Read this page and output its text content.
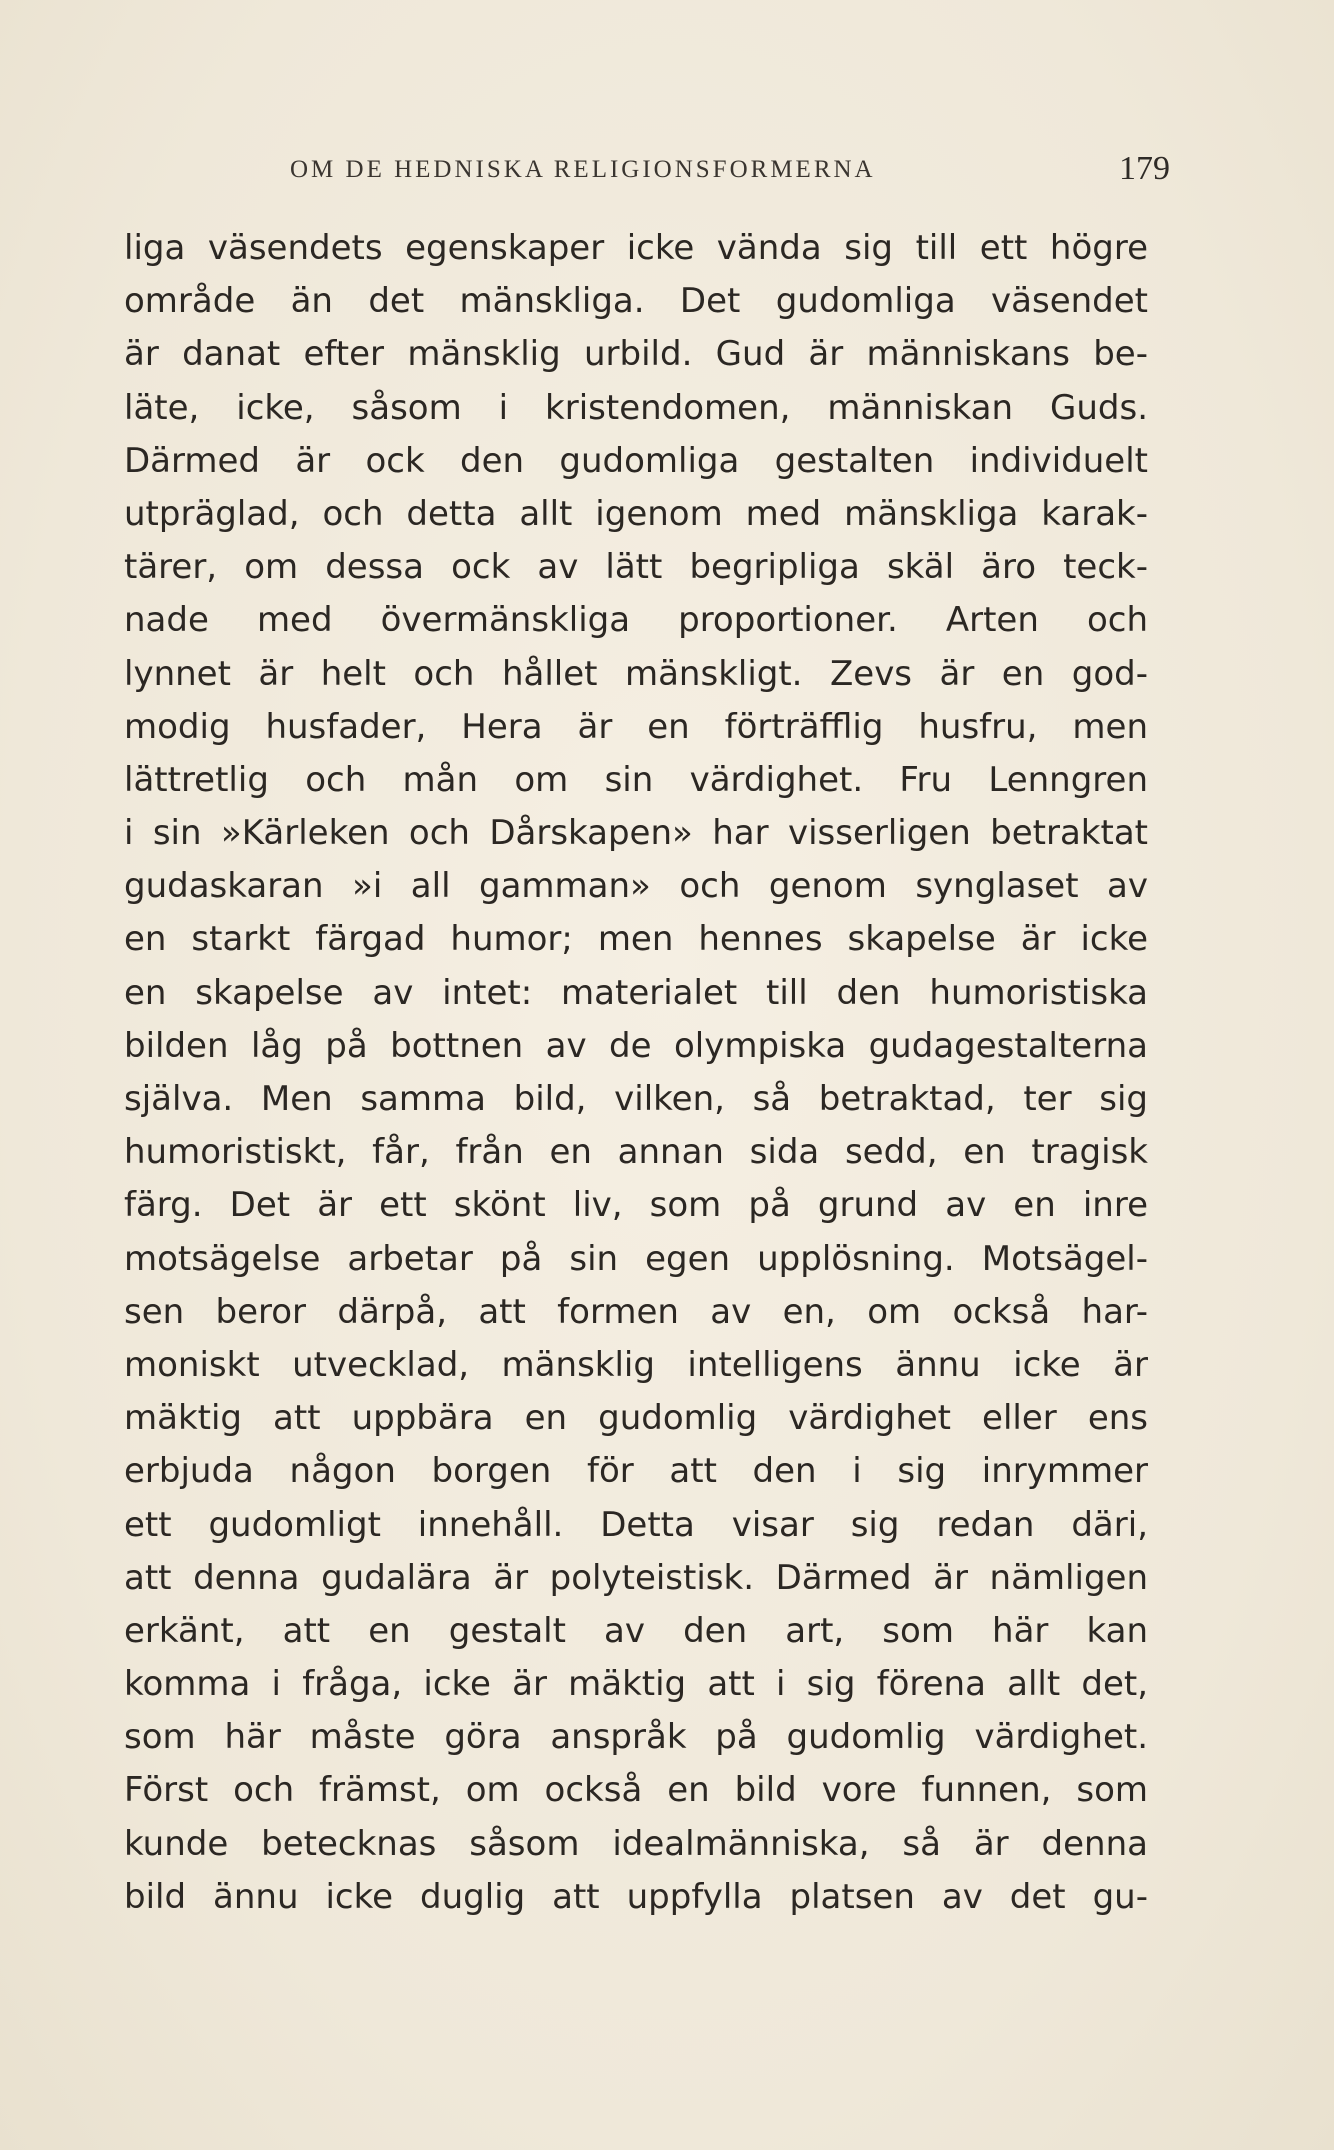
OM DE HEDNISKA RELIGIONSFORMERNA	179
liga väsendets egenskaper icke vända sig till ett högre
område än det mänskliga. Det gudomliga väsendet
är danat efter mänsklig urbild. Gud är människans be-
läte, icke, såsom i kristendomen, människan Guds.
Därmed är ock den gudomliga gestalten individuelt
utpräglad, och detta allt igenom med mänskliga karak-
tärer, om dessa ock av lätt begripliga skäl äro teck-
nade med övermänskliga proportioner. Arten och
lynnet är helt och hållet mänskligt. Zevs är en god-
modig husfader, Hera är en förträfflig husfru, men
lättretlig och mån om sin värdighet. Fru Lenngren
i sin »Kärleken och Dårskapen» har visserligen betraktat
gudaskaran »i all gamman» och genom synglaset av
en starkt färgad humor; men hennes skapelse är icke
en skapelse av intet: materialet till den humoristiska
bilden låg på bottnen av de olympiska gudagestalterna
själva. Men samma bild, vilken, så betraktad, ter sig
humoristiskt, får, från en annan sida sedd, en tragisk
färg. Det är ett skönt liv, som på grund av en inre
motsägelse arbetar på sin egen upplösning. Motsägel-
sen beror därpå, att formen av en, om också har-
moniskt utvecklad, mänsklig intelligens ännu icke är
mäktig att uppbära en gudomlig värdighet eller ens
erbjuda någon borgen för att den i sig inrymmer
ett gudomligt innehåll. Detta visar sig redan däri,
att denna gudalära är polyteistisk. Därmed är nämligen
erkänt, att en gestalt av den art, som här kan
komma i fråga, icke är mäktig att i sig förena allt det,
som här måste göra anspråk på gudomlig värdighet.
Först och främst, om också en bild vore funnen, som
kunde betecknas såsom idealmänniska, så är denna
bild ännu icke duglig att uppfylla platsen av det gu-
